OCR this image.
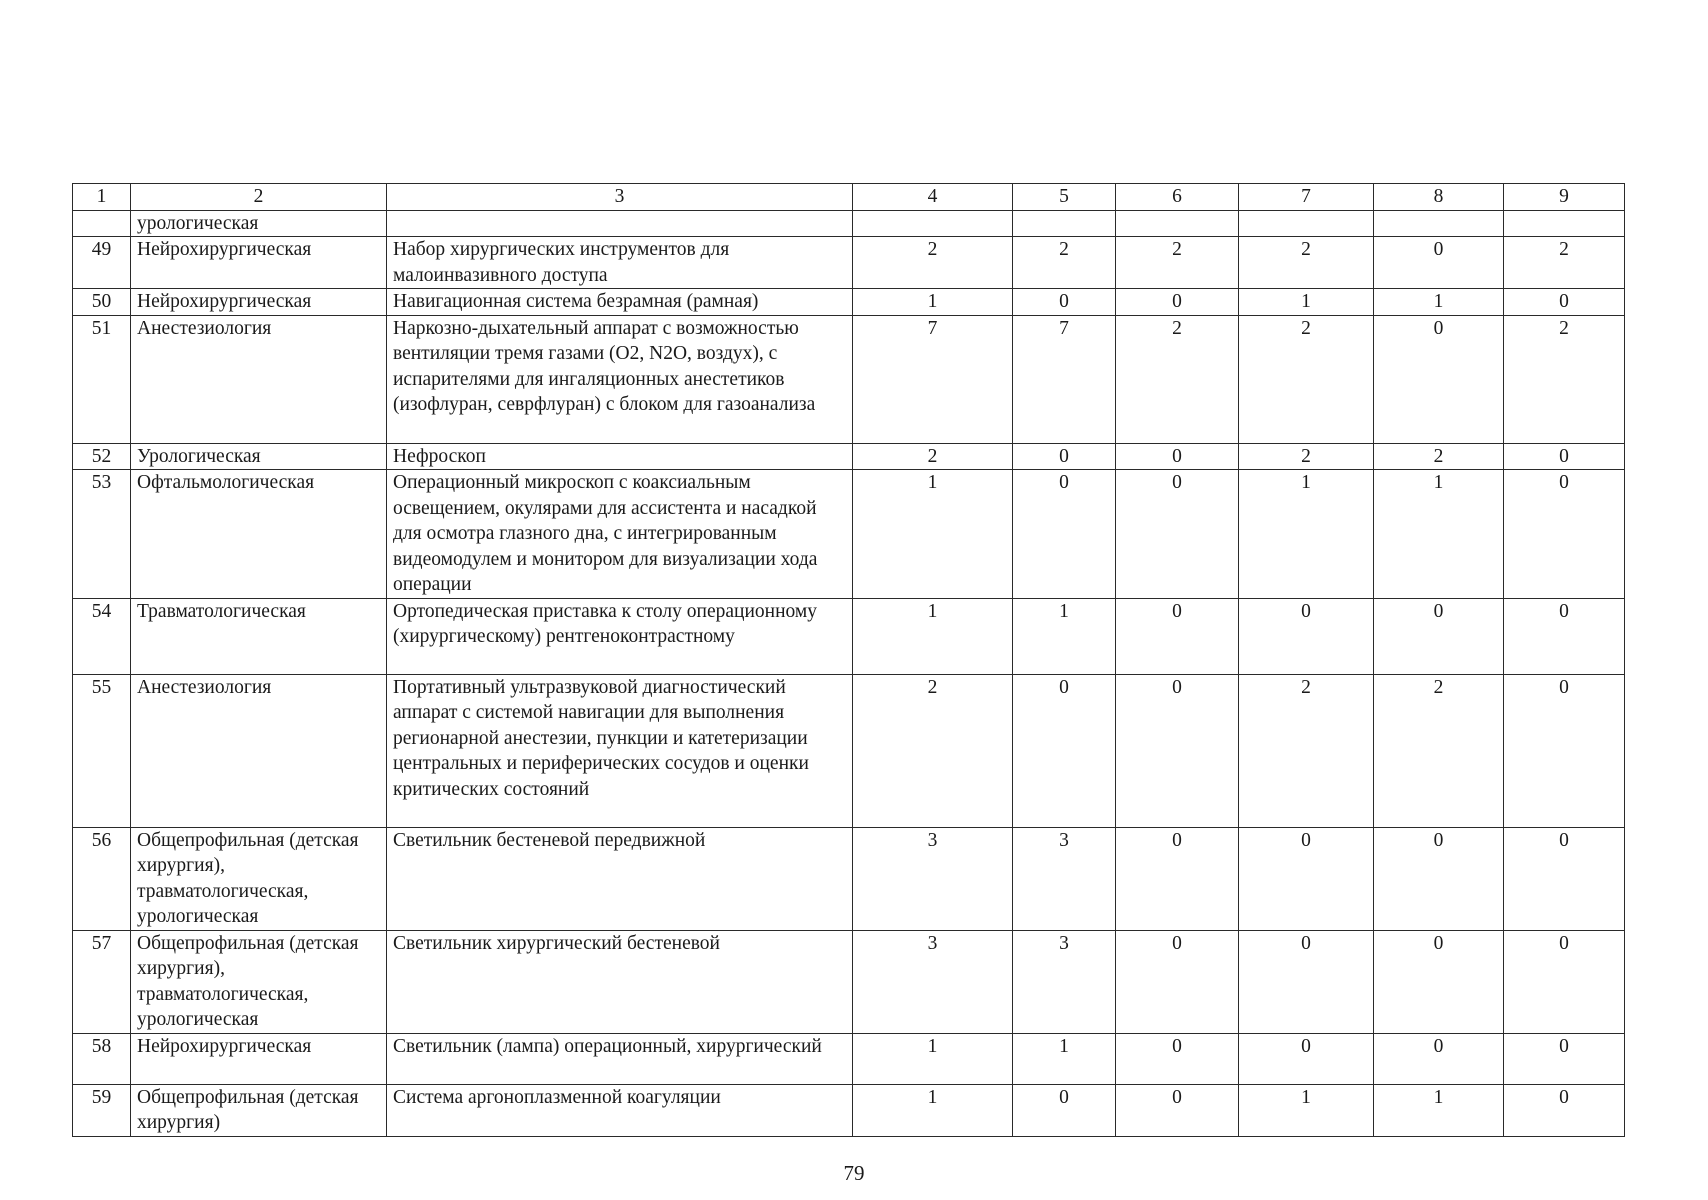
1	2	3	4	5	6	7	8	9
	урологическая							
49	Нейрохирургическая	Набор хирургических инструментов для малоинвазивного доступа	2	2	2	2	0	2
50	Нейрохирургическая	Навигационная система безрамная (рамная)	1	0	0	1	1	0
51	Анестезиология	Наркозно-дыхательный аппарат с возможностью вентиляции тремя газами (O2, N2O, воздух), с испарителями для ингаляционных анестетиков (изофлуран, севрфлуран) с блоком для газоанализа	7	7	2	2	0	2
52	Урологическая	Нефроскоп	2	0	0	2	2	0
53	Офтальмологическая	Операционный микроскоп с коаксиальным освещением, окулярами для ассистента и насадкой для осмотра глазного дна, с интегрированным видеомодулем и монитором для визуализации хода операции	1	0	0	1	1	0
54	Травматологическая	Ортопедическая приставка к столу операционному (хирургическому) рентгеноконтрастному	1	1	0	0	0	0
55	Анестезиология	Портативный ультразвуковой диагностический аппарат с системой навигации для выполнения регионарной анестезии, пункции и катетеризации центральных и периферических сосудов и оценки критических состояний	2	0	0	2	2	0
56	Общепрофильная (детская хирургия), травматологическая, урологическая	Светильник бестеневой передвижной	3	3	0	0	0	0
57	Общепрофильная (детская хирургия), травматологическая, урологическая	Светильник хирургический бестеневой	3	3	0	0	0	0
58	Нейрохирургическая	Светильник (лампа) операционный, хирургический	1	1	0	0	0	0
59	Общепрофильная (детская хирургия)	Система аргоноплазменной коагуляции	1	0	0	1	1	0
79
